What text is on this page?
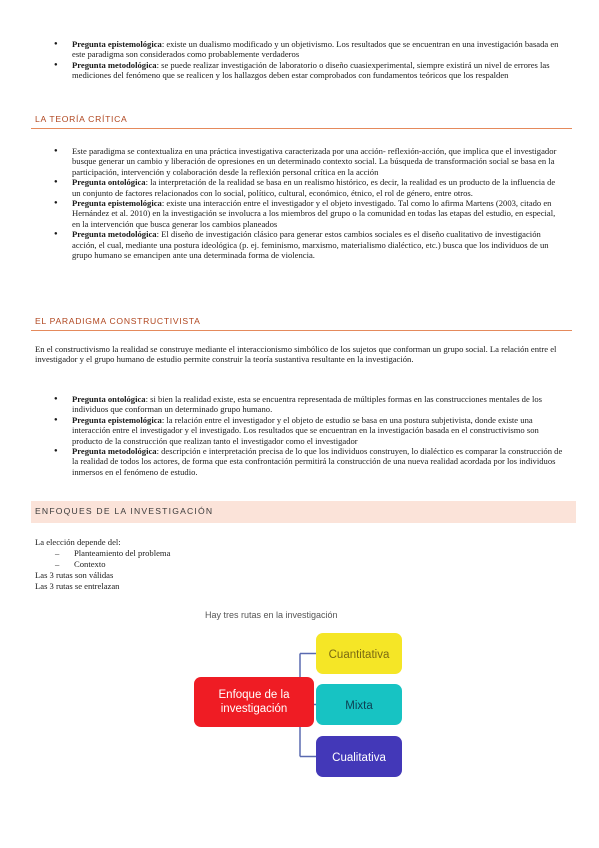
● Pregunta epistemológica: existe un dualismo modificado y un objetivismo. Los resultados que se encuentran en una investigación basada en este paradigma son considerados como probablemente verdaderos
● Pregunta metodológica: se puede realizar investigación de laboratorio o diseño cuasiexperimental, siempre existirá un nivel de errores las mediciones del fenómeno que se realicen y los hallazgos deben estar comprobados con fundamentos teóricos que los respalden
LA TEORÍA CRÍTICA
● Este paradigma se contextualiza en una práctica investigativa caracterizada por una acción- reflexión-acción, que implica que el investigador busque generar un cambio y liberación de opresiones en un determinado contexto social. La búsqueda de transformación social se basa en la participación, intervención y colaboración desde la reflexión personal crítica en la acción
● Pregunta ontológica: la interpretación de la realidad se basa en un realismo histórico, es decir, la realidad es un producto de la influencia de un conjunto de factores relacionados con lo social, político, cultural, económico, étnico, el rol de género, entre otros.
● Pregunta epistemológica: existe una interacción entre el investigador y el objeto investigado. Tal como lo afirma Martens (2003, citado en Hernández et al. 2010) en la investigación se involucra a los miembros del grupo o la comunidad en todas las etapas del estudio, en especial, en la intervención que busca generar los cambios planeados
● Pregunta metodológica: El diseño de investigación clásico para generar estos cambios sociales es el diseño cualitativo de investigación acción, el cual, mediante una postura ideológica (p. ej. feminismo, marxismo, materialismo dialéctico, etc.) busca que los individuos de un grupo humano se emancipen ante una determinada forma de violencia.
EL PARADIGMA CONSTRUCTIVISTA
En el constructivismo la realidad se construye mediante el interaccionismo simbólico de los sujetos que conforman un grupo social. La relación entre el investigador y el grupo humano de estudio permite construir la teoría sustantiva resultante en la investigación.
● Pregunta ontológica: si bien la realidad existe, esta se encuentra representada de múltiples formas en las construcciones mentales de los individuos que conforman un determinado grupo humano.
● Pregunta epistemológica: la relación entre el investigador y el objeto de estudio se basa en una postura subjetivista, donde existe una interacción entre el investigador y el investigado. Los resultados que se encuentran en la investigación basada en el constructivismo son producto de la construcción que realizan tanto el investigador como el investigador
● Pregunta metodológica: descripción e interpretación precisa de lo que los individuos construyen, lo dialéctico es comparar la construcción de la realidad de todos los actores, de forma que esta confrontación permitirá la construcción de una nueva realidad acordada por los individuos inmersos en el fenómeno de estudio.
ENFOQUES DE LA INVESTIGACIÓN
La elección depende del:
– Planteamiento del problema
– Contexto
Las 3 rutas son válidas
Las 3 rutas se entrelazan
Hay tres rutas en la investigación
Enfoque de la
investigación
Cuantitativa
Mixta
Cualitativa
